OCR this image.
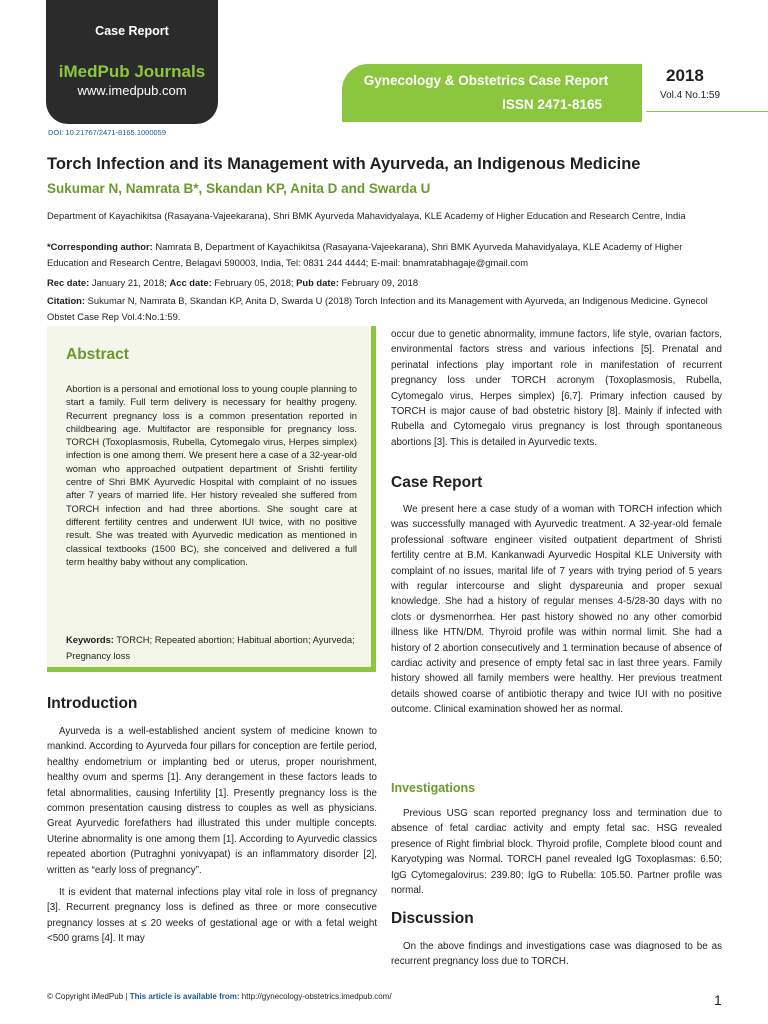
Case Report
iMedPub Journals
www.imedpub.com
Gynecology & Obstetrics Case Report
ISSN 2471-8165
2018
Vol.4 No.1:59
DOI: 10.21767/2471-8165.1000059
Torch Infection and its Management with Ayurveda, an Indigenous Medicine
Sukumar N, Namrata B*, Skandan KP, Anita D and Swarda U
Department of Kayachikitsa (Rasayana-Vajeekarana), Shri BMK Ayurveda Mahavidyalaya, KLE Academy of Higher Education and Research Centre, India
*Corresponding author: Namrata B, Department of Kayachikitsa (Rasayana-Vajeekarana), Shri BMK Ayurveda Mahavidyalaya, KLE Academy of Higher Education and Research Centre, Belagavi 590003, India, Tel: 0831 244 4444; E-mail: bnamratabhagaje@gmail.com
Rec date: January 21, 2018; Acc date: February 05, 2018; Pub date: February 09, 2018
Citation: Sukumar N, Namrata B, Skandan KP, Anita D, Swarda U (2018) Torch Infection and its Management with Ayurveda, an Indigenous Medicine. Gynecol Obstet Case Rep Vol.4:No.1:59.
Abstract
Abortion is a personal and emotional loss to young couple planning to start a family. Full term delivery is necessary for healthy progeny. Recurrent pregnancy loss is a common presentation reported in childbearing age. Multifactor are responsible for pregnancy loss. TORCH (Toxoplasmosis, Rubella, Cytomegalo virus, Herpes simplex) infection is one among them. We present here a case of a 32-year-old woman who approached outpatient department of Srishti fertility centre of Shri BMK Ayurvedic Hospital with complaint of no issues after 7 years of married life. Her history revealed she suffered from TORCH infection and had three abortions. She sought care at different fertility centres and underwent IUI twice, with no positive result. She was treated with Ayurvedic medication as mentioned in classical textbooks (1500 BC), she conceived and delivered a full term healthy baby without any complication.
Keywords: TORCH; Repeated abortion; Habitual abortion; Ayurveda; Pregnancy loss
Introduction

Ayurveda is a well-established ancient system of medicine known to mankind. According to Ayurveda four pillars for conception are fertile period, healthy endometrium or implanting bed or uterus, proper nourishment, healthy ovum and sperms [1]. Any derangement in these factors leads to fetal abnormalities, causing Infertility [1]. Presently pregnancy loss is the common presentation causing distress to couples as well as physicians. Great Ayurvedic forefathers had illustrated this under multiple concepts. Uterine abnormality is one among them [1]. According to Ayurvedic classics repeated abortion (Putraghni yonivyapat) is an inflammatory disorder [2], written as “early loss of pregnancy”.

It is evident that maternal infections play vital role in loss of pregnancy [3]. Recurrent pregnancy loss is defined as three or more consecutive pregnancy losses at ≤ 20 weeks of gestational age or with a fetal weight <500 grams [4]. It may

occur due to genetic abnormality, immune factors, life style, ovarian factors, environmental factors stress and various infections [5]. Prenatal and perinatal infections play important role in manifestation of recurrent pregnancy loss under TORCH acronym (Toxoplasmosis, Rubella, Cytomegalo virus, Herpes simplex) [6,7]. Primary infection caused by TORCH is major cause of bad obstetric history [8]. Mainly if infected with Rubella and Cytomegalo virus pregnancy is lost through spontaneous abortions [3]. This is detailed in Ayurvedic texts.

Case Report

We present here a case study of a woman with TORCH infection which was successfully managed with Ayurvedic treatment. A 32-year-old female professional software engineer visited outpatient department of Shristi fertility centre at B.M. Kankanwadi Ayurvedic Hospital KLE University with complaint of no issues, marital life of 7 years with trying period of 5 years with regular intercourse and slight dyspareunia and proper sexual knowledge. She had a history of regular menses 4-5/28-30 days with no clots or dysmenorrhea. Her past history showed no any other comorbid illness like HTN/DM. Thyroid profile was within normal limit. She had a history of 2 abortion consecutively and 1 termination because of absence of cardiac activity and presence of empty fetal sac in last three years. Family history showed all family members were healthy. Her previous treatment details showed coarse of antibiotic therapy and twice IUI with no positive outcome. Clinical examination showed her as normal.

Investigations

Previous USG scan reported pregnancy loss and termination due to absence of fetal cardiac activity and empty fetal sac. HSG revealed presence of Right fimbrial block. Thyroid profile, Complete blood count and Karyotyping was Normal. TORCH panel revealed IgG Toxoplasmas: 6.50; IgG Cytomegalovirus: 239.80; IgG to Rubella: 105.50. Partner profile was normal.

Discussion

On the above findings and investigations case was diagnosed to be as recurrent pregnancy loss due to TORCH.

© Copyright iMedPub | This article is available from: http://gynecology-obstetrics.imedpub.com/	1
